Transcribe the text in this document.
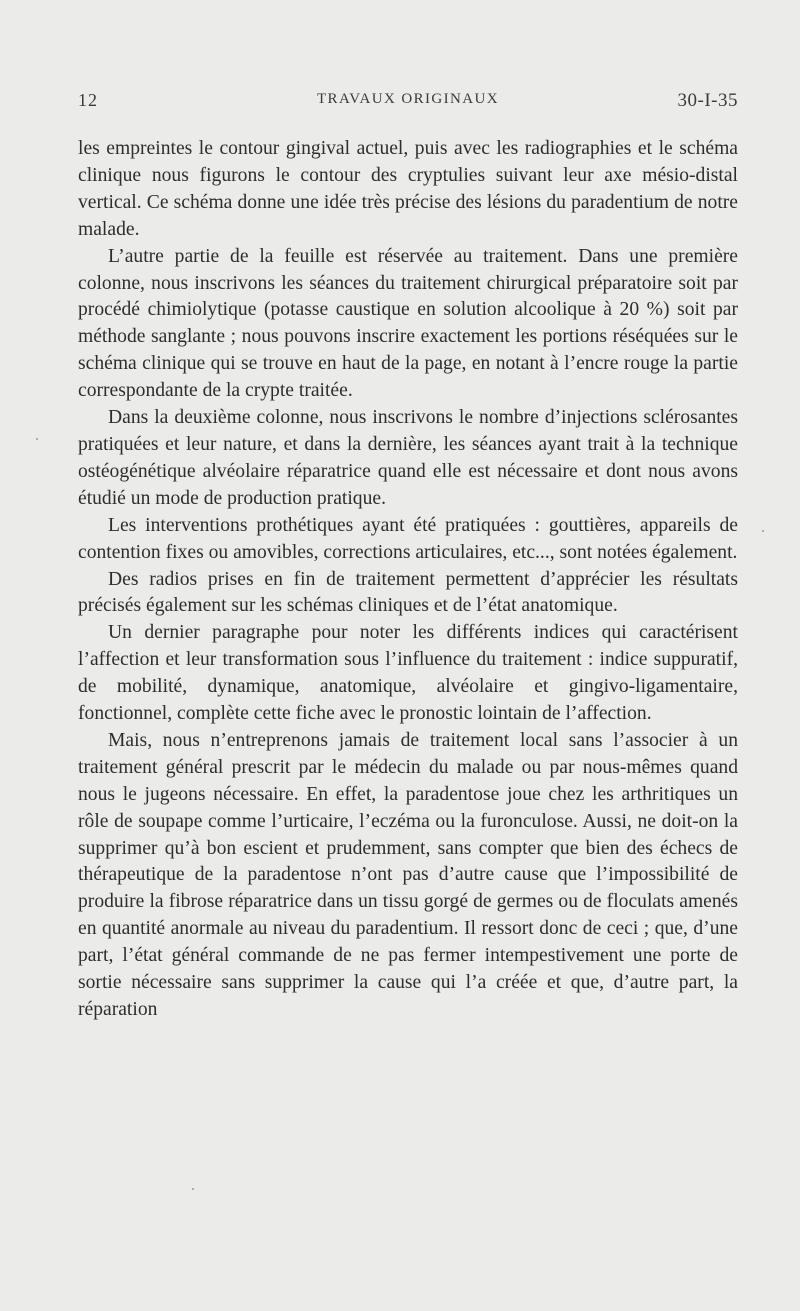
12	TRAVAUX ORIGINAUX	30-I-35

les empreintes le contour gingival actuel, puis avec les radiographies et le schéma clinique nous figurons le contour des cryptulies suivant leur axe mésio-distal vertical. Ce schéma donne une idée très précise des lésions du paradentium de notre malade.

L’autre partie de la feuille est réservée au traitement. Dans une première colonne, nous inscrivons les séances du traitement chirurgical préparatoire soit par procédé chimiolytique (potasse caustique en solution alcoolique à 20 %) soit par méthode sanglante ; nous pouvons inscrire exactement les portions réséquées sur le schéma clinique qui se trouve en haut de la page, en notant à l’encre rouge la partie correspondante de la crypte traitée.

Dans la deuxième colonne, nous inscrivons le nombre d’injections sclérosantes pratiquées et leur nature, et dans la dernière, les séances ayant trait à la technique ostéogénétique alvéolaire réparatrice quand elle est nécessaire et dont nous avons étudié un mode de production pratique.

Les interventions prothétiques ayant été pratiquées : gouttières, appareils de contention fixes ou amovibles, corrections articulaires, etc..., sont notées également.

Des radios prises en fin de traitement permettent d’apprécier les résultats précisés également sur les schémas cliniques et de l’état anatomique.

Un dernier paragraphe pour noter les différents indices qui caractérisent l’affection et leur transformation sous l’influence du traitement : indice suppuratif, de mobilité, dynamique, anatomique, alvéolaire et gingivo-ligamentaire, fonctionnel, complète cette fiche avec le pronostic lointain de l’affection.

Mais, nous n’entreprenons jamais de traitement local sans l’associer à un traitement général prescrit par le médecin du malade ou par nous-mêmes quand nous le jugeons nécessaire. En effet, la paradentose joue chez les arthritiques un rôle de soupape comme l’urticaire, l’eczéma ou la furonculose. Aussi, ne doit-on la supprimer qu’à bon escient et prudemment, sans compter que bien des échecs de thérapeutique de la paradentose n’ont pas d’autre cause que l’impossibilité de produire la fibrose réparatrice dans un tissu gorgé de germes ou de floculats amenés en quantité anormale au niveau du paradentium. Il ressort donc de ceci ; que, d’une part, l’état général commande de ne pas fermer intempestivement une porte de sortie nécessaire sans supprimer la cause qui l’a créée et que, d’autre part, la réparation
